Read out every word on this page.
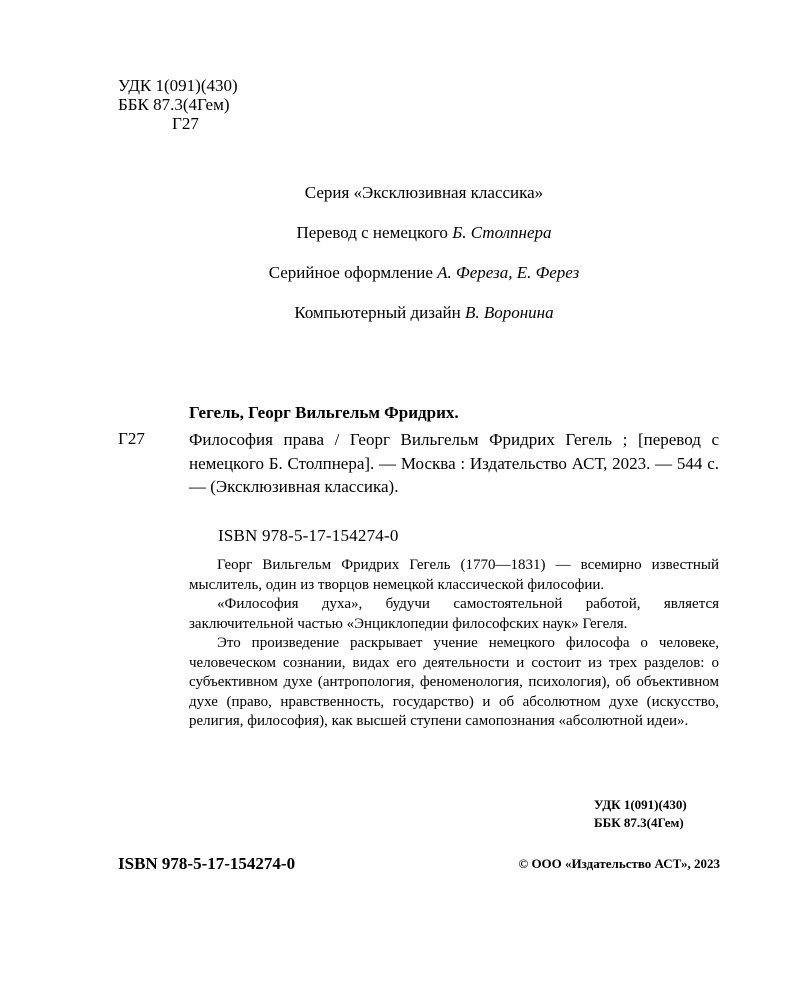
УДК 1(091)(430)
ББК 87.3(4Гем)
Г27
Серия «Эксклюзивная классика»
Перевод с немецкого Б. Столпнера
Серийное оформление А. Фереза, Е. Ферез
Компьютерный дизайн В. Воронина
Гегель, Георг Вильгельм Фридрих.
Г27	Философия права / Георг Вильгельм Фридрих Гегель ; [перевод с немецкого Б. Столпнера]. — Москва : Издательство АСТ, 2023. — 544 с. — (Эксклюзивная классика).
ISBN 978-5-17-154274-0

Георг Вильгельм Фридрих Гегель (1770—1831) — всемирно известный мыслитель, один из творцов немецкой классической философии.

«Философия духа», будучи самостоятельной работой, является заключительной частью «Энциклопедии философских наук» Гегеля.

Это произведение раскрывает учение немецкого философа о человеке, человеческом сознании, видах его деятельности и состоит из трех разделов: о субъективном духе (антропология, феноменология, психология), об объективном духе (право, нравственность, государство) и об абсолютном духе (искусство, религия, философия), как высшей ступени самопознания «абсолютной идеи».

УДК 1(091)(430)
ББК 87.3(4Гем)
ISBN 978-5-17-154274-0	© ООО «Издательство АСТ», 2023
